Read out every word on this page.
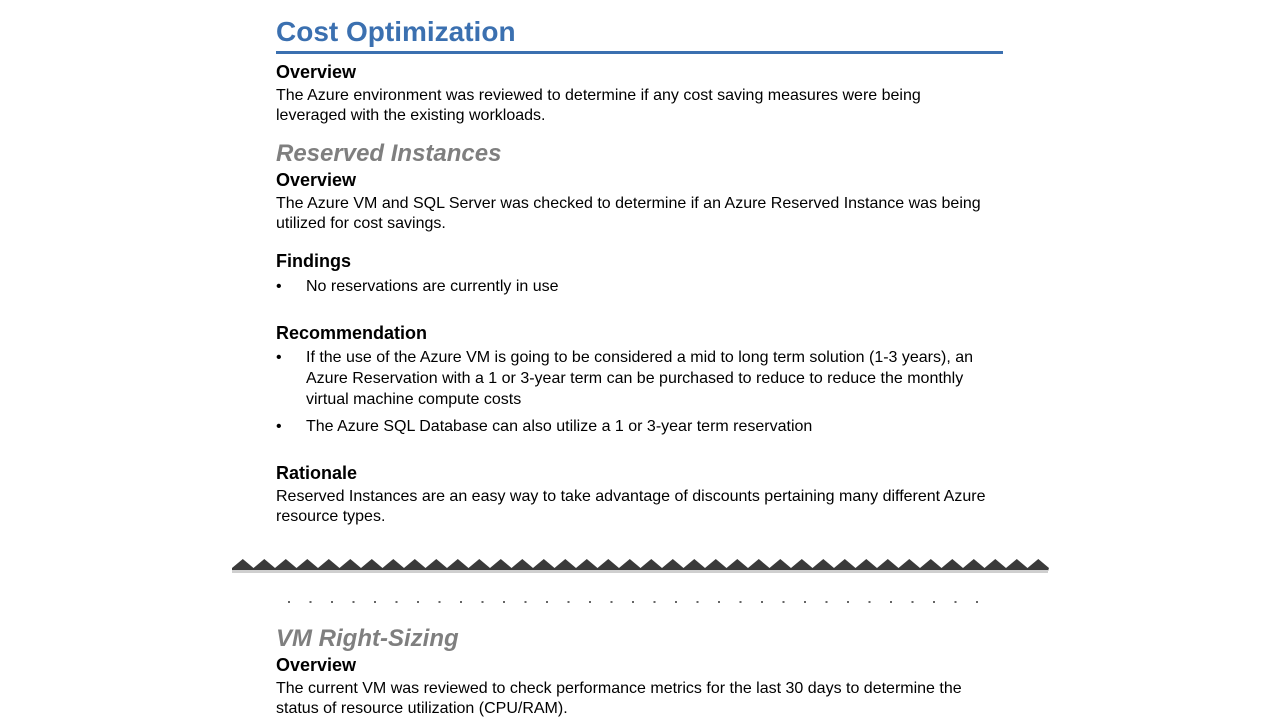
Cost Optimization
Overview

The Azure environment was reviewed to determine if any cost saving measures were being leveraged with the existing workloads.

Reserved Instances
Overview

The Azure VM and SQL Server was checked to determine if an Azure Reserved Instance was being utilized for cost savings.

Findings
• No reservations are currently in use
Recommendation
• If the use of the Azure VM is going to be considered a mid to long term solution (1-3 years), an Azure Reservation with a 1 or 3-year term can be purchased to reduce to reduce the monthly virtual machine compute costs
• The Azure SQL Database can also utilize a 1 or 3-year term reservation
Rationale

Reserved Instances are an easy way to take advantage of discounts pertaining many different Azure resource types.

VM Right-Sizing
Overview

The current VM was reviewed to check performance metrics for the last 30 days to determine the status of resource utilization (CPU/RAM).
